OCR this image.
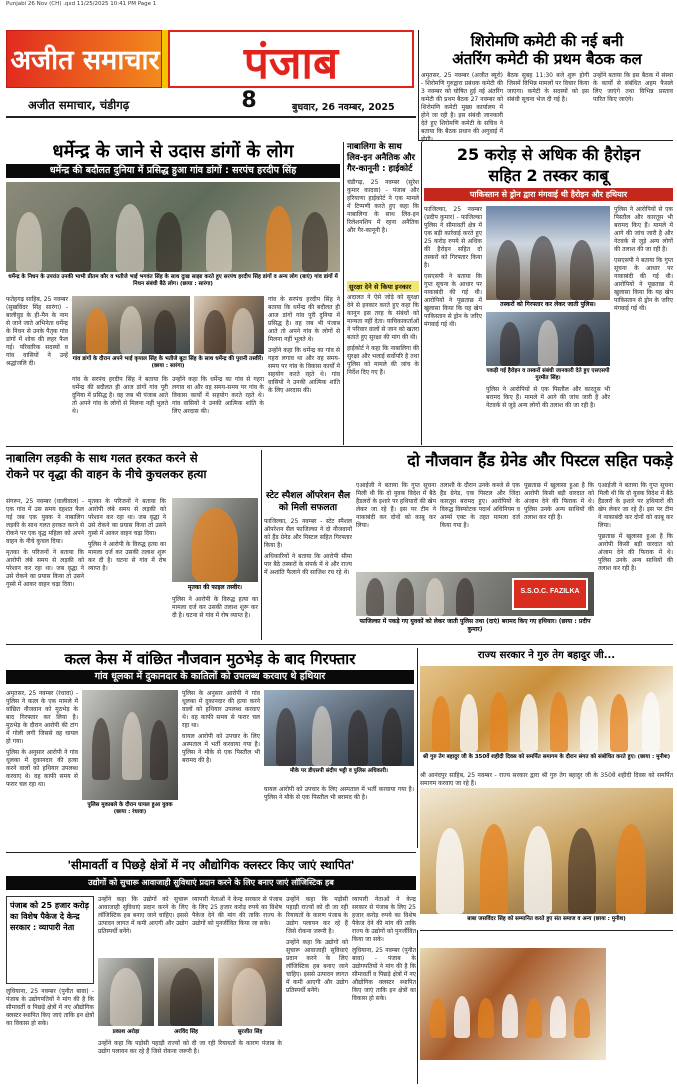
Punjabi 26 Nov (CH) .qxd 11/25/2025 10:41 PM Page 1
अजीत समाचार	पंजाब
8
अजीत समाचार, चंडीगढ़	बुधवार, 26 नवम्बर, 2025
शिरोमणि कमेटी की नई बनी
अंतरिंग कमेटी की प्रथम बैठक कल

अमृतसर, 25 नवम्बर (अजीत ब्यूरो) - शिरोमणि गुरुद्वारा प्रबंधक कमेटी की 3 नवम्बर को घोषित हुई नई अंतरिंग कमेटी की प्रथम बैठक 27 नवम्बर को शिरोमणि कमेटी मुख्य कार्यालय में होने जा रही है। इस संबंधी जानकारी देते हुए शिरोमणि कमेटी के सचिव ने बताया कि बैठक प्रधान की अगुवाई में

बैठक सुबह 11:30 बजे शुरू होगी जिसमें विभिन्न मामलों पर विचार किया जाएगा। कमेटी के सदस्यों को इस संबंधी सूचना भेज दी गई है।

उन्होंने बताया कि इस बैठक में संस्था के कार्यों से संबंधित अहम फैसले लिए जाएंगे तथा विभिन्न प्रस्ताव पारित किए जाएंगे।

धर्मेन्द्र के जाने से उदास डांगों के लोग
धर्मेन्द्र की बदौलत दुनिया में प्रसिद्ध हुआ गांव डांगों : सरपंच हरदीप सिंह
धर्मेन्द्र के निधन के उपरांत उनकी भाभी प्रीतम कौर व भतीजे भाई भगवंत सिंह के साथ दुःख साझा करते हुए सरपंच हरदीप सिंह डांगों व अन्य लोग (बाएं) गांव डांगों में निधन संबंधी बैठे लोग। (छाया : सारंगा)

फतेहगढ़ साहिब, 25 नवम्बर (सुखविंदर सिंह सारंगा) - बालीवुड के ही-मैन के नाम से जाने जाते अभिनेता धर्मेन्द्र के निधन से उनके पैतृक गांव डांगों में शोक की लहर फैल गई। परिवारिक सदस्यों व गांव वासियों ने उन्हें श्रद्धांजलि दी।

गांव डांगों के दौरान अपने भाई कृपाल सिंह के भतीजे बूटा सिंह के साथ धर्मेन्द्र की पुरानी तस्वीरें। (छाया : सारंगा)

गांव के सरपंच हरदीप सिंह ने बताया कि धर्मेन्द्र की बदौलत ही आज डांगों गांव पूरी दुनिया में प्रसिद्ध है। वह जब भी पंजाब आते तो अपने गांव के लोगों से मिलना नहीं भूलते थे।

उन्होंने कहा कि धर्मेन्द्र का गांव से गहरा लगाव था और वह समय-समय पर गांव के विकास कार्यों में सहयोग करते रहते थे। गांव वासियों ने उनकी आत्मिक शांति के लिए अरदास की।

गांव के सरपंच हरदीप सिंह ने बताया कि धर्मेन्द्र की बदौलत ही आज डांगों गांव पूरी दुनिया में प्रसिद्ध है। वह जब भी पंजाब आते तो अपने गांव के लोगों से मिलना नहीं भूलते थे।

उन्होंने कहा कि धर्मेन्द्र का गांव से गहरा लगाव था और वह समय-समय पर गांव के विकास कार्यों में सहयोग करते रहते थे। गांव वासियों ने उनकी आत्मिक शांति के लिए अरदास की।

नाबालिगा के साथ लिव-इन अनैतिक और गैर-कानूनी : हाईकोर्ट

चंडीगढ़, 25 नवम्बर (सुरेश कुमार कादवा) - पंजाब और हरियाणा हाईकोर्ट ने एक मामले में टिप्पणी करते हुए कहा कि नाबालिगा के साथ लिव-इन रिलेशनशिप में रहना अनैतिक और गैर-कानूनी है।

सुरक्षा देने से किया इनकार

अदालत ने ऐसे जोड़े को सुरक्षा देने से इनकार करते हुए कहा कि कानून इस तरह के संबंधों को मान्यता नहीं देता। याचिकाकर्ताओं ने परिवार वालों से जान को खतरा बताते हुए सुरक्षा की मांग की थी।

हाईकोर्ट ने कहा कि नाबालिगा की सुरक्षा और भलाई सर्वोपरि है तथा पुलिस को मामले की जांच के निर्देश दिए गए हैं।

25 करोड़ से अधिक की हैरोइन
सहित 2 तस्कर काबू
पाकिस्तान से ड्रोन द्वारा मंगवाई थी हैरोइन और हथियार

फाजिल्का, 25 नवम्बर (प्रदीप कुमार) - फाजिल्का पुलिस ने सीमावर्ती क्षेत्र में एक बड़ी कार्रवाई करते हुए 25 करोड़ रुपये से अधिक की हैरोइन सहित दो तस्करों को गिरफ्तार किया है।

एसएसपी ने बताया कि गुप्त सूचना के आधार पर नाकाबंदी की गई थी। आरोपियों ने पूछताछ में खुलासा किया कि यह खेप पाकिस्तान से ड्रोन के जरिए मंगवाई गई थी।

तस्करों को गिरफ्तार कर लेकर जाती पुलिस।
पकड़ी गई हैरोइन व तस्करों संबंधी जानकारी देते हुए एसएसपी गुरमीत सिंह।

पुलिस ने आरोपियों से एक पिस्तौल और कारतूस भी बरामद किए हैं। मामले में आगे की जांच जारी है और नेटवर्क से जुड़े अन्य लोगों की तलाश की जा रही है।

पुलिस ने आरोपियों से एक पिस्तौल और कारतूस भी बरामद किए हैं। मामले में आगे की जांच जारी है और नेटवर्क से जुड़े अन्य लोगों की तलाश की जा रही है।

एसएसपी ने बताया कि गुप्त सूचना के आधार पर नाकाबंदी की गई थी। आरोपियों ने पूछताछ में खुलासा किया कि यह खेप पाकिस्तान से ड्रोन के जरिए मंगवाई गई थी।

नाबालिग लड़की के साथ गलत हरकत करने से
रोकने पर वृद्धा की वाहन के नीचे कुचलकर हत्या

संगरूर, 25 नवम्बर (धालीवाल) - एक गांव में उस समय दहशत फैल गई जब एक युवक ने नाबालिग लड़की के साथ गलत हरकत करने से रोकने पर एक वृद्ध महिला को अपने वाहन के नीचे कुचल दिया।

मृतका के परिजनों ने बताया कि आरोपी लंबे समय से लड़की को परेशान कर रहा था। जब वृद्धा ने उसे रोकने का प्रयास किया तो उसने गुस्से में आकर वाहन चढ़ा दिया।

मृतका के परिजनों ने बताया कि आरोपी लंबे समय से लड़की को परेशान कर रहा था। जब वृद्धा ने उसे रोकने का प्रयास किया तो उसने गुस्से में आकर वाहन चढ़ा दिया।

पुलिस ने आरोपी के विरुद्ध हत्या का मामला दर्ज कर उसकी तलाश शुरू कर दी है। घटना से गांव में रोष व्याप्त है।

मृतका की फाइल तस्वीर।

पुलिस ने आरोपी के विरुद्ध हत्या का मामला दर्ज कर उसकी तलाश शुरू कर दी है। घटना से गांव में रोष व्याप्त है।

स्टेट स्पैशल ऑपरेशन सैल को मिली सफलता

फाजिल्का, 25 नवम्बर - स्टेट स्पैशल ऑपरेशन सैल फाजिल्का ने दो नौजवानों को हैंड ग्रेनेड और पिस्टल सहित गिरफ्तार किया है।

अधिकारियों ने बताया कि आरोपी सीमा पार बैठे तस्करों के संपर्क में थे और राज्य में अशांति फैलाने की साजिश रच रहे थे।

दो नौजवान हैंड ग्रेनेड और पिस्टल सहित पकड़े

एआईजी ने बताया कि गुप्त सूचना मिली थी कि दो युवक विदेश में बैठे हैंडलरों के इशारे पर हथियारों की खेप लेकर जा रहे हैं। इस पर टीम ने नाकाबंदी कर दोनों को काबू कर लिया।

तलाशी के दौरान उनके कब्जे से एक हैंड ग्रेनेड, एक पिस्टल और जिंदा कारतूस बरामद हुए। आरोपियों के विरुद्ध विस्फोटक पदार्थ अधिनियम व आर्म्स एक्ट के तहत मामला दर्ज किया गया है।

पूछताछ में खुलासा हुआ है कि आरोपी किसी बड़ी वारदात को अंजाम देने की फिराक में थे। पुलिस उनके अन्य साथियों की तलाश कर रही है।

एआईजी ने बताया कि गुप्त सूचना मिली थी कि दो युवक विदेश में बैठे हैंडलरों के इशारे पर हथियारों की खेप लेकर जा रहे हैं। इस पर टीम ने नाकाबंदी कर दोनों को काबू कर लिया।

पूछताछ में खुलासा हुआ है कि आरोपी किसी बड़ी वारदात को अंजाम देने की फिराक में थे। पुलिस उनके अन्य साथियों की तलाश कर रही है।

S.S.O.C. FAZILKA
फाजिल्का में पकड़े गए युवकों को लेकर जाती पुलिस तथा (दाएं) बरामद किए गए हथियार। (छाया : प्रदीप कुमार)
कत्ल केस में वांछित नौजवान मुठभेड़ के बाद गिरफ्तार
गांव धूलका में दुकानदार के कातिलों को उपलब्ध करवाए थे हथियार

अमृतसर, 25 नवम्बर (रंधावा) - पुलिस ने कत्ल के एक मामले में वांछित नौजवान को मुठभेड़ के बाद गिरफ्तार कर लिया है। मुठभेड़ के दौरान आरोपी की टांग में गोली लगी जिससे वह घायल हो गया।

पुलिस के अनुसार आरोपी ने गांव धूलका में दुकानदार की हत्या करने वालों को हथियार उपलब्ध करवाए थे। वह काफी समय से फरार चल रहा था।

पुलिस मुकाबले के दौरान घायल हुआ युवक (छाया : रंधावा)

पुलिस के अनुसार आरोपी ने गांव धूलका में दुकानदार की हत्या करने वालों को हथियार उपलब्ध करवाए थे। वह काफी समय से फरार चल रहा था।

घायल आरोपी को उपचार के लिए अस्पताल में भर्ती करवाया गया है। पुलिस ने मौके से एक पिस्तौल भी बरामद की है।

मौके पर डीएसपी संदीप भट्टी व पुलिस अधिकारी।

घायल आरोपी को उपचार के लिए अस्पताल में भर्ती करवाया गया है। पुलिस ने मौके से एक पिस्तौल भी बरामद की है।

राज्य सरकार ने गुरु तेग बहादुर जी...
श्री गुरु तेग बहादुर जी के 350वें शहीदी दिवस को समर्पित समागम के दौरान संगत को संबोधित करते हुए। (छाया : मुनीश)

श्री आनंदपुर साहिब, 25 नवम्बर - राज्य सरकार द्वारा श्री गुरु तेग बहादुर जी के 350वें शहीदी दिवस को समर्पित समागम करवाए जा रहे हैं।

बाबा जसविंदर सिंह को सम्मानित करते हुए संत समाज व अन्य (छाया : मुनीश)
'सीमावर्ती व पिछड़े क्षेत्रों में नए औद्योगिक क्लस्टर किए जाएं स्थापित'
उद्योगों को सुचारू आवाजाही सुविधाएं प्रदान करने के लिए बनाए जाएं लॉजिस्टिक हब
पंजाब को 25 हजार करोड़ का विशेष पैकेज दे केन्द्र सरकार : व्यापारी नेता

लुधियाना, 25 नवम्बर (पुनीत बावा) - पंजाब के उद्योगपतियों ने मांग की है कि सीमावर्ती व पिछड़े क्षेत्रों में नए औद्योगिक क्लस्टर स्थापित किए जाएं ताकि इन क्षेत्रों का विकास हो सके।

उन्होंने कहा कि उद्योगों को सुचारू आवाजाही सुविधाएं प्रदान करने के लिए लॉजिस्टिक हब बनाए जाने चाहिए। इससे उत्पादन लागत में कमी आएगी और उद्योग प्रतिस्पर्धी बनेंगे।

व्यापारी नेताओं ने केन्द्र सरकार से पंजाब के लिए 25 हजार करोड़ रुपये का विशेष पैकेज देने की मांग की ताकि राज्य के उद्योगों को पुनर्जीवित किया जा सके।

प्रकाश अरोड़ा	अरविंद सिंह	सुरजीत सिंह

उन्होंने कहा कि पड़ोसी पहाड़ी राज्यों को दी जा रही रियायतों के कारण पंजाब के उद्योग पलायन कर रहे हैं जिसे रोकना जरूरी है।

उन्होंने कहा कि पड़ोसी पहाड़ी राज्यों को दी जा रही रियायतों के कारण पंजाब के उद्योग पलायन कर रहे हैं जिसे रोकना जरूरी है।

उन्होंने कहा कि उद्योगों को सुचारू आवाजाही सुविधाएं प्रदान करने के लिए लॉजिस्टिक हब बनाए जाने चाहिए। इससे उत्पादन लागत में कमी आएगी और उद्योग प्रतिस्पर्धी बनेंगे।

व्यापारी नेताओं ने केन्द्र सरकार से पंजाब के लिए 25 हजार करोड़ रुपये का विशेष पैकेज देने की मांग की ताकि राज्य के उद्योगों को पुनर्जीवित किया जा सके।

लुधियाना, 25 नवम्बर (पुनीत बावा) - पंजाब के उद्योगपतियों ने मांग की है कि सीमावर्ती व पिछड़े क्षेत्रों में नए औद्योगिक क्लस्टर स्थापित किए जाएं ताकि इन क्षेत्रों का विकास हो सके।
